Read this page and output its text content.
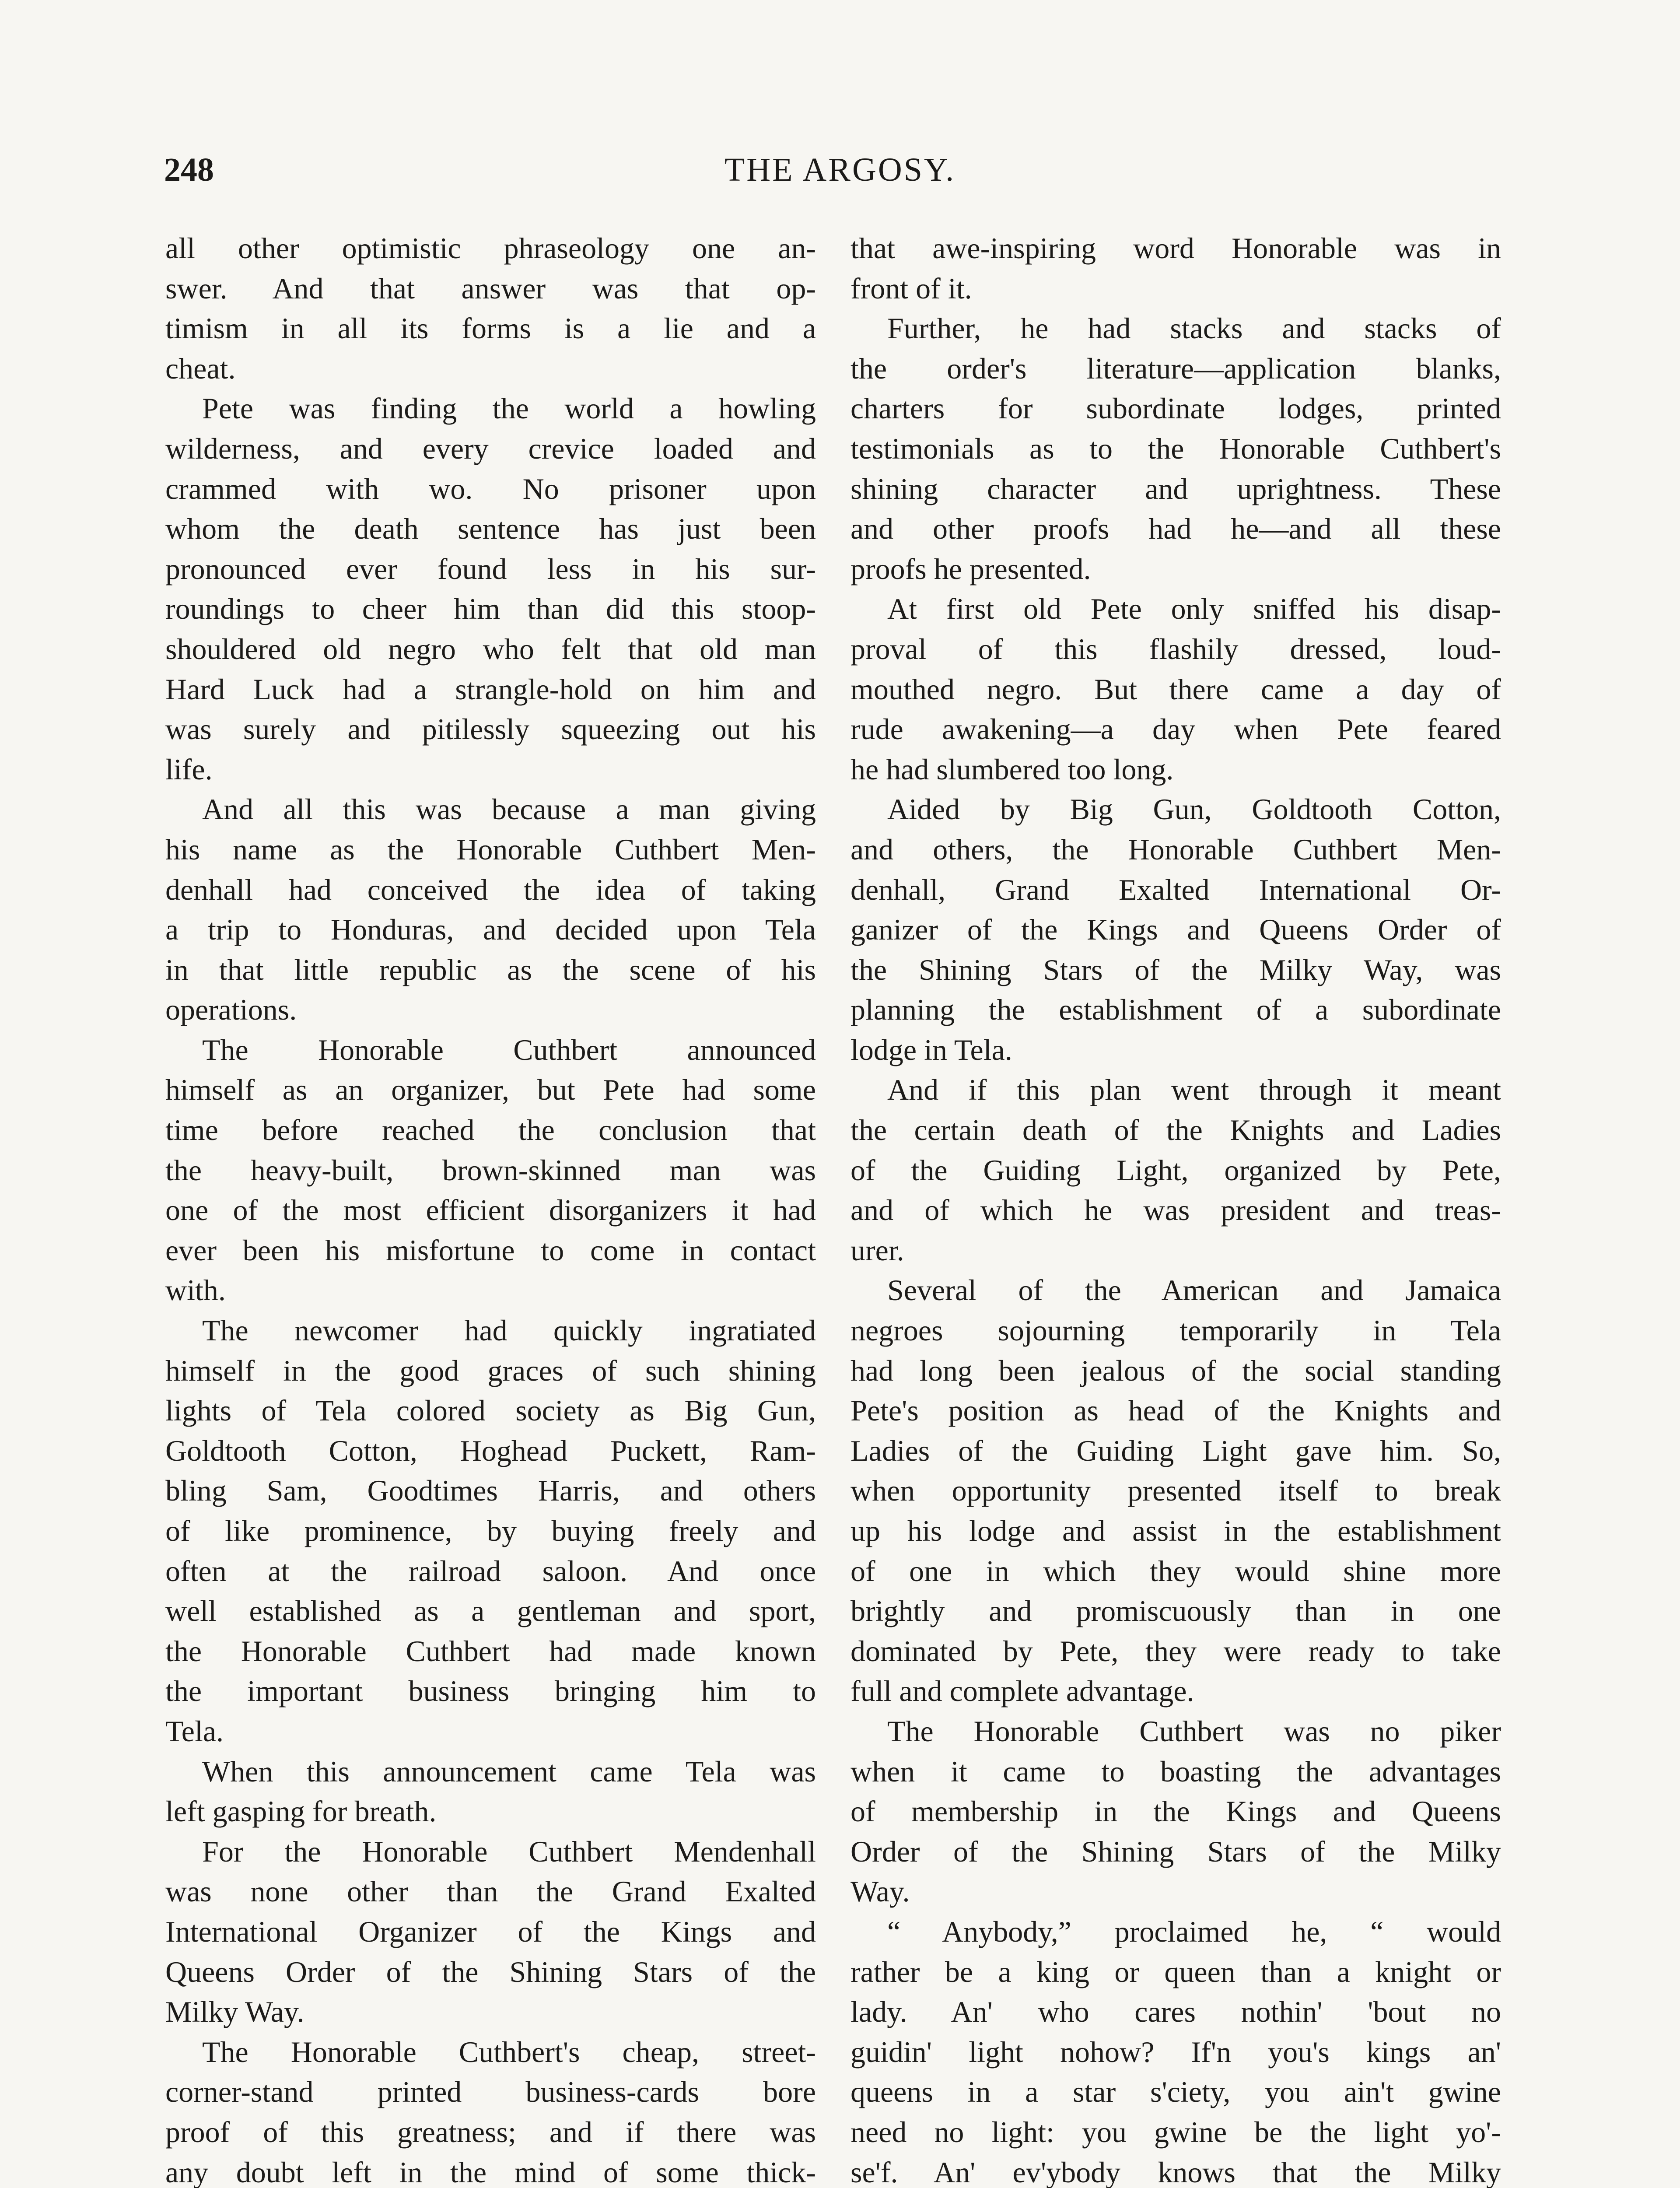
248	THE ARGOSY.

all other optimistic phraseology one an-
swer. And that answer was that op-
timism in all its forms is a lie and a
cheat.

Pete was finding the world a howling
wilderness, and every crevice loaded and
crammed with wo. No prisoner upon
whom the death sentence has just been
pronounced ever found less in his sur-
roundings to cheer him than did this stoop-
shouldered old negro who felt that old man
Hard Luck had a strangle-hold on him and
was surely and pitilessly squeezing out his
life.

And all this was because a man giving
his name as the Honorable Cuthbert Men-
denhall had conceived the idea of taking
a trip to Honduras, and decided upon Tela
in that little republic as the scene of his
operations.

The Honorable Cuthbert announced
himself as an organizer, but Pete had some
time before reached the conclusion that
the heavy-built, brown-skinned man was
one of the most efficient disorganizers it had
ever been his misfortune to come in contact
with.

The newcomer had quickly ingratiated
himself in the good graces of such shining
lights of Tela colored society as Big Gun,
Goldtooth Cotton, Hoghead Puckett, Ram-
bling Sam, Goodtimes Harris, and others
of like prominence, by buying freely and
often at the railroad saloon. And once
well established as a gentleman and sport,
the Honorable Cuthbert had made known
the important business bringing him to
Tela.

When this announcement came Tela was
left gasping for breath.

For the Honorable Cuthbert Mendenhall
was none other than the Grand Exalted
International Organizer of the Kings and
Queens Order of the Shining Stars of the
Milky Way.

The Honorable Cuthbert's cheap, street-
corner-stand printed business-cards bore
proof of this greatness; and if there was
any doubt left in the mind of some thick-

that awe-inspiring word Honorable was in
front of it.

Further, he had stacks and stacks of
the order's literature—application blanks,
charters for subordinate lodges, printed
testimonials as to the Honorable Cuthbert's
shining character and uprightness. These
and other proofs had he—and all these
proofs he presented.

At first old Pete only sniffed his disap-
proval of this flashily dressed, loud-
mouthed negro. But there came a day of
rude awakening—a day when Pete feared
he had slumbered too long.

Aided by Big Gun, Goldtooth Cotton,
and others, the Honorable Cuthbert Men-
denhall, Grand Exalted International Or-
ganizer of the Kings and Queens Order of
the Shining Stars of the Milky Way, was
planning the establishment of a subordinate
lodge in Tela.

And if this plan went through it meant
the certain death of the Knights and Ladies
of the Guiding Light, organized by Pete,
and of which he was president and treas-
urer.

Several of the American and Jamaica
negroes sojourning temporarily in Tela
had long been jealous of the social standing
Pete's position as head of the Knights and
Ladies of the Guiding Light gave him. So,
when opportunity presented itself to break
up his lodge and assist in the establishment
of one in which they would shine more
brightly and promiscuously than in one
dominated by Pete, they were ready to take
full and complete advantage.

The Honorable Cuthbert was no piker
when it came to boasting the advantages
of membership in the Kings and Queens
Order of the Shining Stars of the Milky
Way.

“ Anybody,” proclaimed he, “ would
rather be a king or queen than a knight or
lady. An' who cares nothin' 'bout no
guidin' light nohow? If'n you's kings an'
queens in a star s'ciety, you ain't gwine
need no light: you gwine be the light yo'-
se'f. An' ev'ybody knows that the Milky
